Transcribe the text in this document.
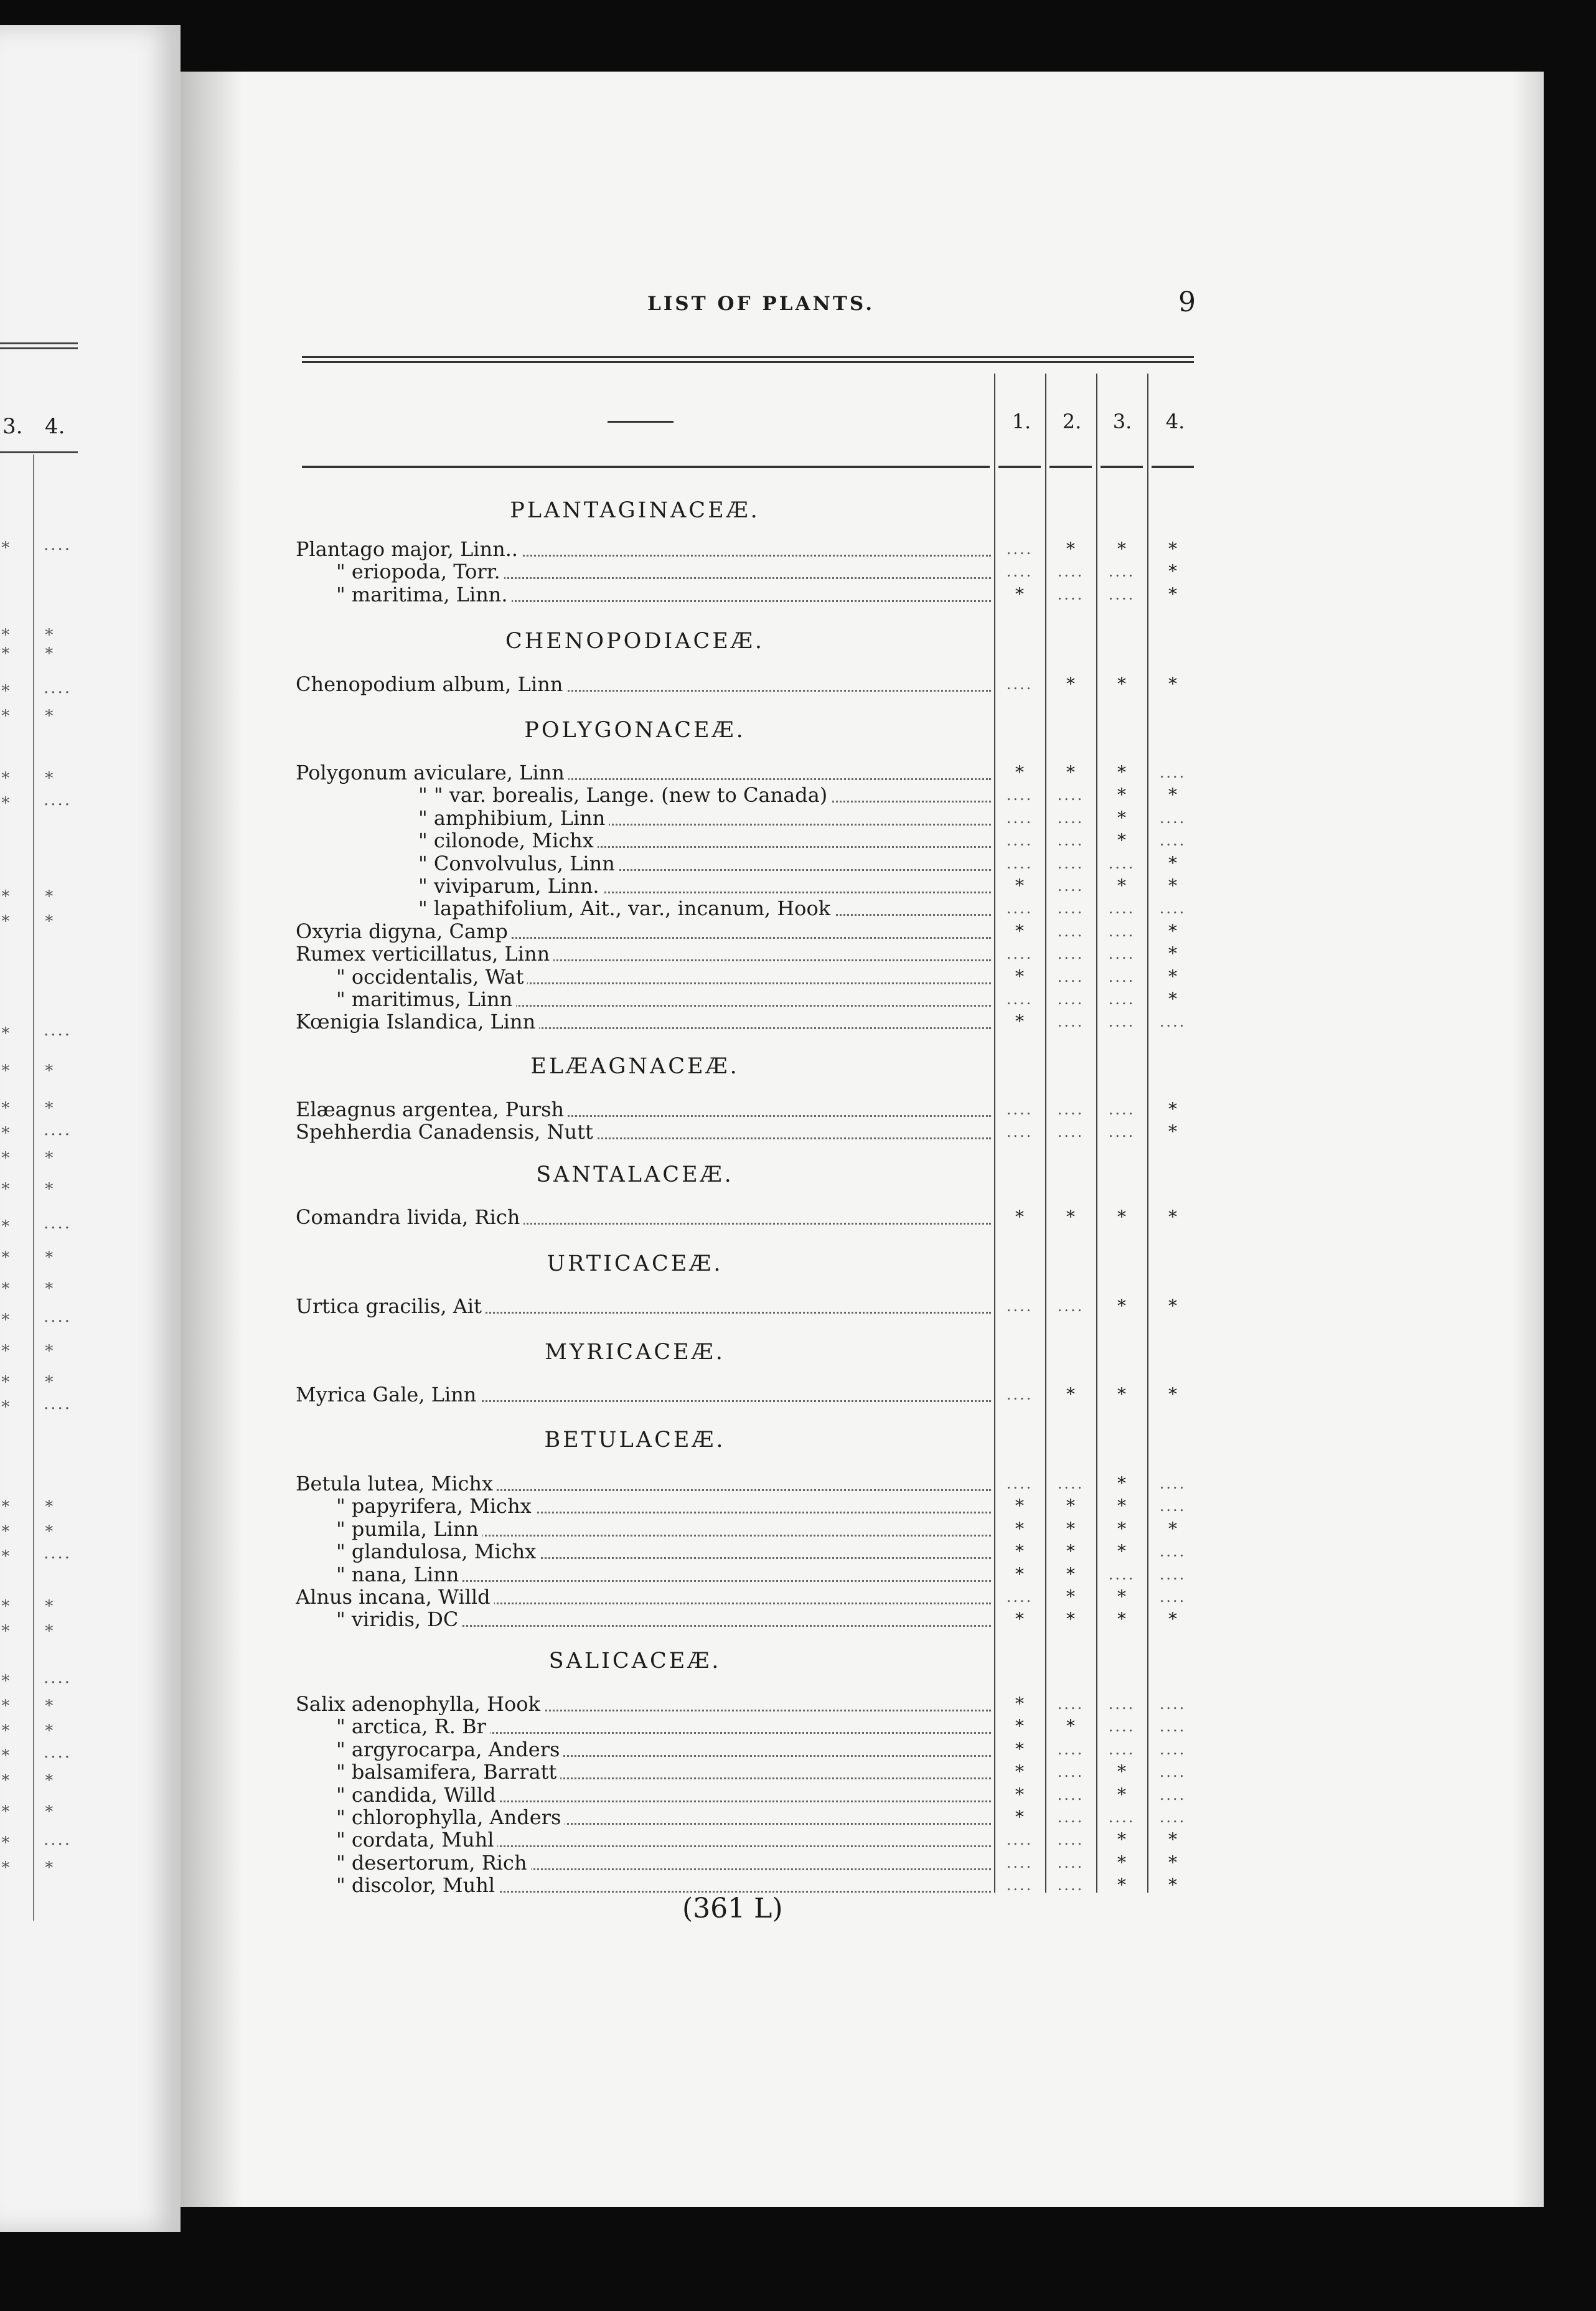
3. 4.
∗ ....
∗ ∗
∗ ∗
∗ ....
∗ ∗
∗ ∗
∗ ....
∗ ∗
∗ ∗
∗ ....
∗ ∗
∗ ∗
∗ ....
∗ ∗
∗ ∗
∗ ....
∗ ∗
∗ ∗
∗ ....
∗ ∗
∗ ∗
∗ ....
∗ ∗
∗ ∗
∗ ....
∗ ∗
∗ ∗
∗ ....
∗ ∗
∗ ∗
∗ ....
∗ ∗
∗ ∗
∗ ....
∗ ∗
LIST OF PLANTS.	9
1.	2.	3.	4.
PLANTAGINACEÆ.
Plantago major, Linn..	....	*	*	*
" eriopoda, Torr.	....	....	....	*
" maritima, Linn.	*	....	....	*
CHENOPODIACEÆ.
Chenopodium album, Linn	....	*	*	*
POLYGONACEÆ.
Polygonum aviculare, Linn	*	*	*	....
" " var. borealis, Lange. (new to Canada)	....	....	*	*
" amphibium, Linn	....	....	*	....
" cilonode, Michx	....	....	*	....
" Convolvulus, Linn	....	....	....	*
" viviparum, Linn.	*	....	*	*
" lapathifolium, Ait., var., incanum, Hook	....	....	....	....
Oxyria digyna, Camp	*	....	....	*
Rumex verticillatus, Linn	....	....	....	*
" occidentalis, Wat	*	....	....	*
" maritimus, Linn	....	....	....	*
Kœnigia Islandica, Linn	*	....	....	....
ELÆAGNACEÆ.
Elæagnus argentea, Pursh	....	....	....	*
Spehherdia Canadensis, Nutt	....	....	....	*
SANTALACEÆ.
Comandra livida, Rich	*	*	*	*
URTICACEÆ.
Urtica gracilis, Ait	....	....	*	*
MYRICACEÆ.
Myrica Gale, Linn	....	*	*	*
BETULACEÆ.
Betula lutea, Michx	....	....	*	....
" papyrifera, Michx	*	*	*	....
" pumila, Linn	*	*	*	*
" glandulosa, Michx	*	*	*	....
" nana, Linn	*	*	....	....
Alnus incana, Willd	....	*	*	....
" viridis, DC	*	*	*	*
SALICACEÆ.
Salix adenophylla, Hook	*	....	....	....
" arctica, R. Br	*	*	....	....
" argyrocarpa, Anders	*	....	....	....
" balsamifera, Barratt	*	....	*	....
" candida, Willd	*	....	*	....
" chlorophylla, Anders	*	....	....	....
" cordata, Muhl	....	....	*	*
" desertorum, Rich	....	....	*	*
" discolor, Muhl	....	....	*	*
(361 L)
